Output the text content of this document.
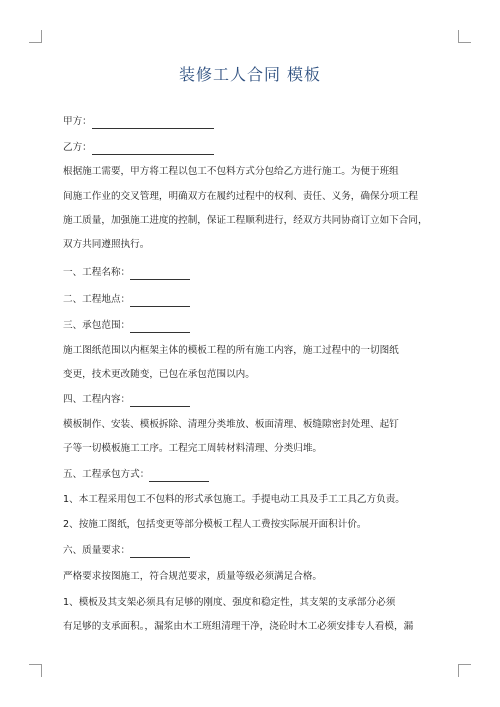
装修工人合同 模板
甲方：
乙方：
根据施工需要，甲方将工程以包工不包料方式分包给乙方进行施工。为便于班组
间施工作业的交叉管理，明确双方在履约过程中的权利、责任、义务，确保分项工程
施工质量，加强施工进度的控制，保证工程顺利进行，经双方共同协商订立如下合同，
双方共同遵照执行。
一、工程名称：
二、工程地点：
三、承包范围：
施工图纸范围以内框架主体的模板工程的所有施工内容，施工过程中的一切图纸
变更，技术更改随变，已包在承包范围以内。
四、工程内容：
模板制作、安装、模板拆除、清理分类堆放、板面清理、板缝隙密封处理、起钉
子等一切模板施工工序。工程完工周转材料清理、分类归堆。
五、工程承包方式：
1、本工程采用包工不包料的形式承包施工。手提电动工具及手工工具乙方负责。
2、按施工图纸，包括变更等部分模板工程人工费按实际展开面积计价。
六、质量要求：
严格要求按图施工，符合规范要求，质量等级必须满足合格。
1、模板及其支架必须具有足够的刚度、强度和稳定性，其支架的支承部分必须
有足够的支承面积。，漏浆由木工班组清理干净，浇砼时木工必须安排专人看模，漏
